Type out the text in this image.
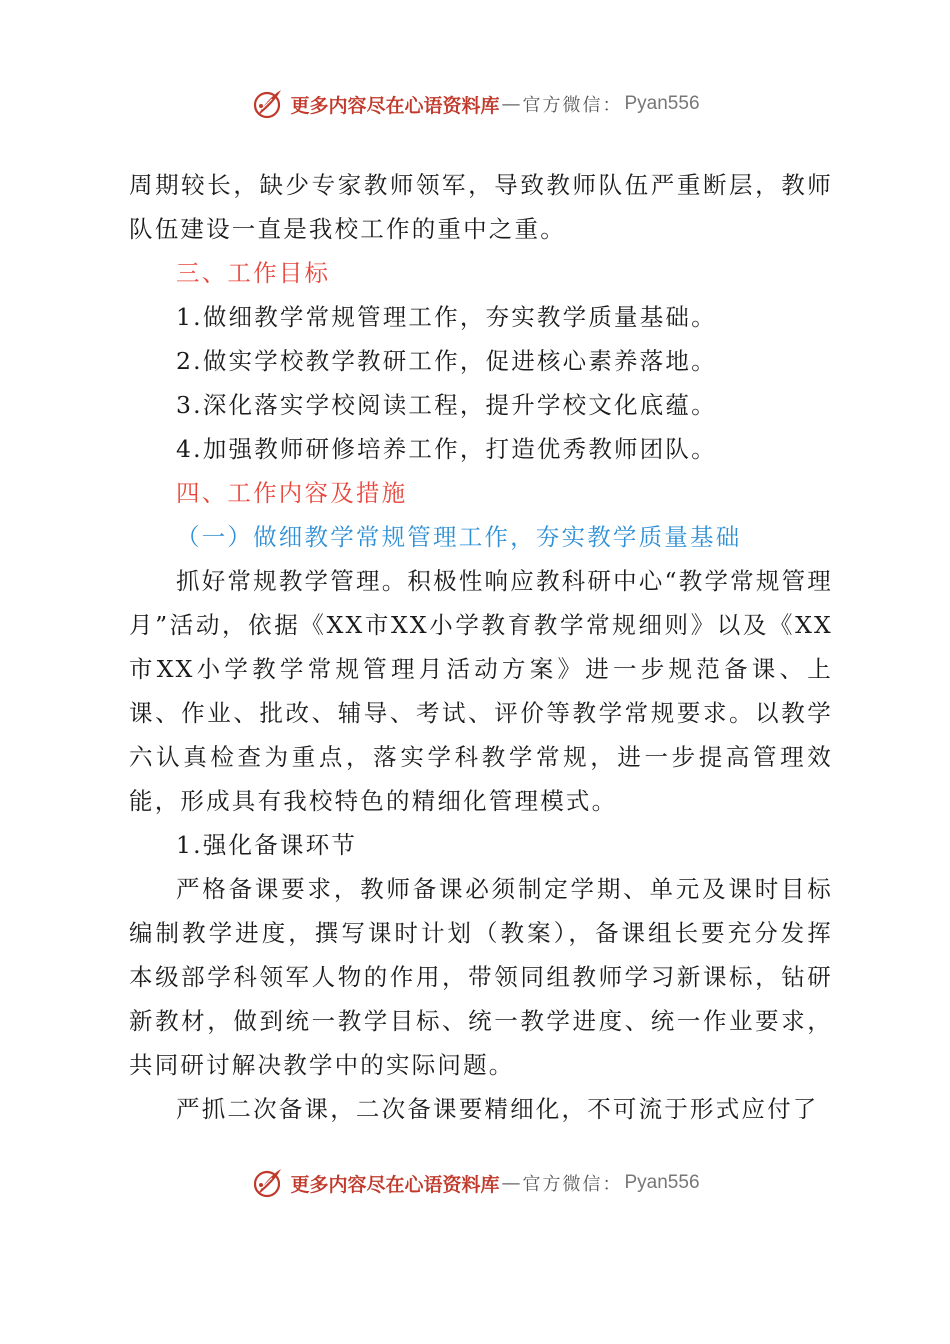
更多内容尽在心语资料库 — 官方微信： Pyan556

周期较长，缺少专家教师领军，导致教师队伍严重断层，教师队伍建设一直是我校工作的重中之重。

三、工作目标

1.做细教学常规管理工作，夯实教学质量基础。

2.做实学校教学教研工作，促进核心素养落地。

3.深化落实学校阅读工程，提升学校文化底蕴。

4.加强教师研修培养工作，打造优秀教师团队。

四、工作内容及措施

（一）做细教学常规管理工作，夯实教学质量基础

抓好常规教学管理。积极性响应教科研中心“教学常规管理月”活动，依据《XX市XX小学教育教学常规细则》以及《XX市XX小学教学常规管理月活动方案》进一步规范备课、上课、作业、批改、辅导、考试、评价等教学常规要求。以教学六认真检查为重点，落实学科教学常规，进一步提高管理效能，形成具有我校特色的精细化管理模式。

1.强化备课环节

严格备课要求，教师备课必须制定学期、单元及课时目标编制教学进度，撰写课时计划（教案），备课组长要充分发挥本级部学科领军人物的作用，带领同组教师学习新课标，钻研新教材，做到统一教学目标、统一教学进度、统一作业要求，共同研讨解决教学中的实际问题。

严抓二次备课，二次备课要精细化，不可流于形式应付了

更多内容尽在心语资料库 — 官方微信： Pyan556
